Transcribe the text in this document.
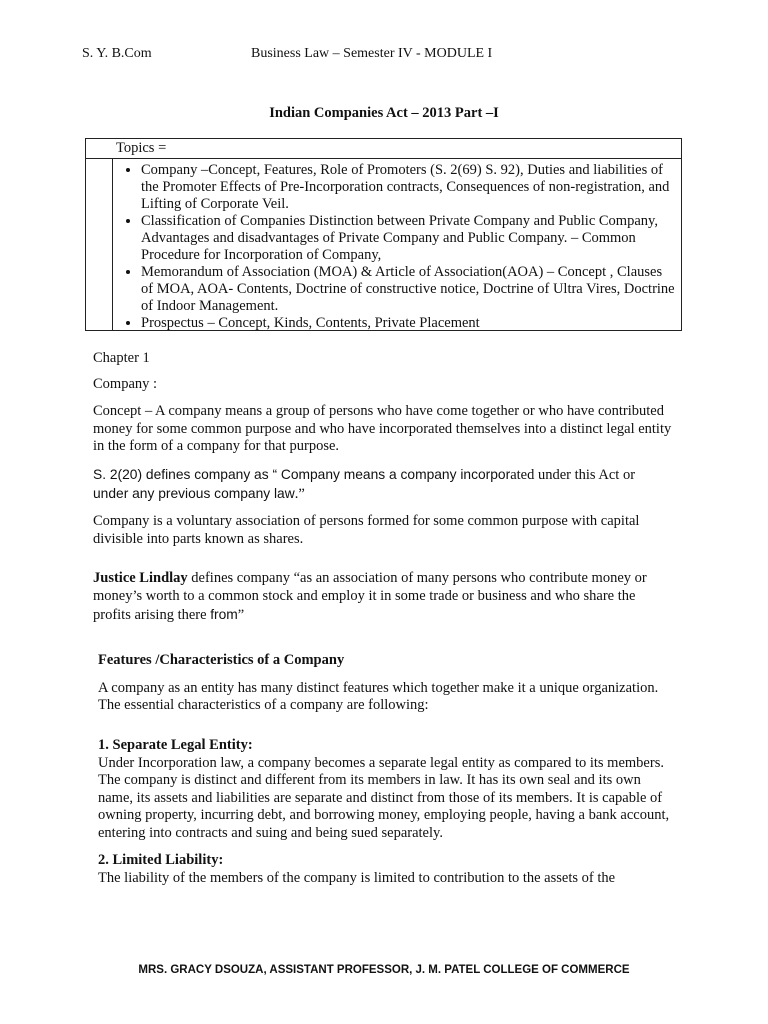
S. Y. B.Com	Business Law – Semester IV - MODULE I
Indian Companies Act – 2013 Part –I
Topics =
• Company –Concept, Features, Role of Promoters (S. 2(69) S. 92), Duties and liabilities of the Promoter Effects of Pre-Incorporation contracts, Consequences of non-registration, and Lifting of Corporate Veil.
• Classification of Companies Distinction between Private Company and Public Company, Advantages and disadvantages of Private Company and Public Company. – Common Procedure for Incorporation of Company,
• Memorandum of Association (MOA) & Article of Association(AOA) – Concept , Clauses of MOA, AOA- Contents, Doctrine of constructive notice, Doctrine of Ultra Vires, Doctrine of Indoor Management.
• Prospectus – Concept, Kinds, Contents, Private Placement

Chapter 1

Company :

Concept – A company means a group of persons who have come together or who have contributed money for some common purpose and who have incorporated themselves into a distinct legal entity in the form of a company for that purpose.

S. 2(20) defines company as “ Company means a company incorporated under this Act or
under any previous company law.”

Company is a voluntary association of persons formed for some common purpose with capital divisible into parts known as shares.

Justice Lindlay defines company “as an association of many persons who contribute money or money’s worth to a common stock and employ it in some trade or business and who share the profits arising there from”

Features /Characteristics of a Company

A company as an entity has many distinct features which together make it a unique organization. The essential characteristics of a company are following:

1. Separate Legal Entity:

Under Incorporation law, a company becomes a separate legal entity as compared to its members. The company is distinct and different from its members in law. It has its own seal and its own name, its assets and liabilities are separate and distinct from those of its members. It is capable of owning property, incurring debt, and borrowing money, employing people, having a bank account, entering into contracts and suing and being sued separately.

2. Limited Liability:

The liability of the members of the company is limited to contribution to the assets of the

MRS. GRACY DSOUZA, ASSISTANT PROFESSOR, J. M. PATEL COLLEGE OF COMMERCE
